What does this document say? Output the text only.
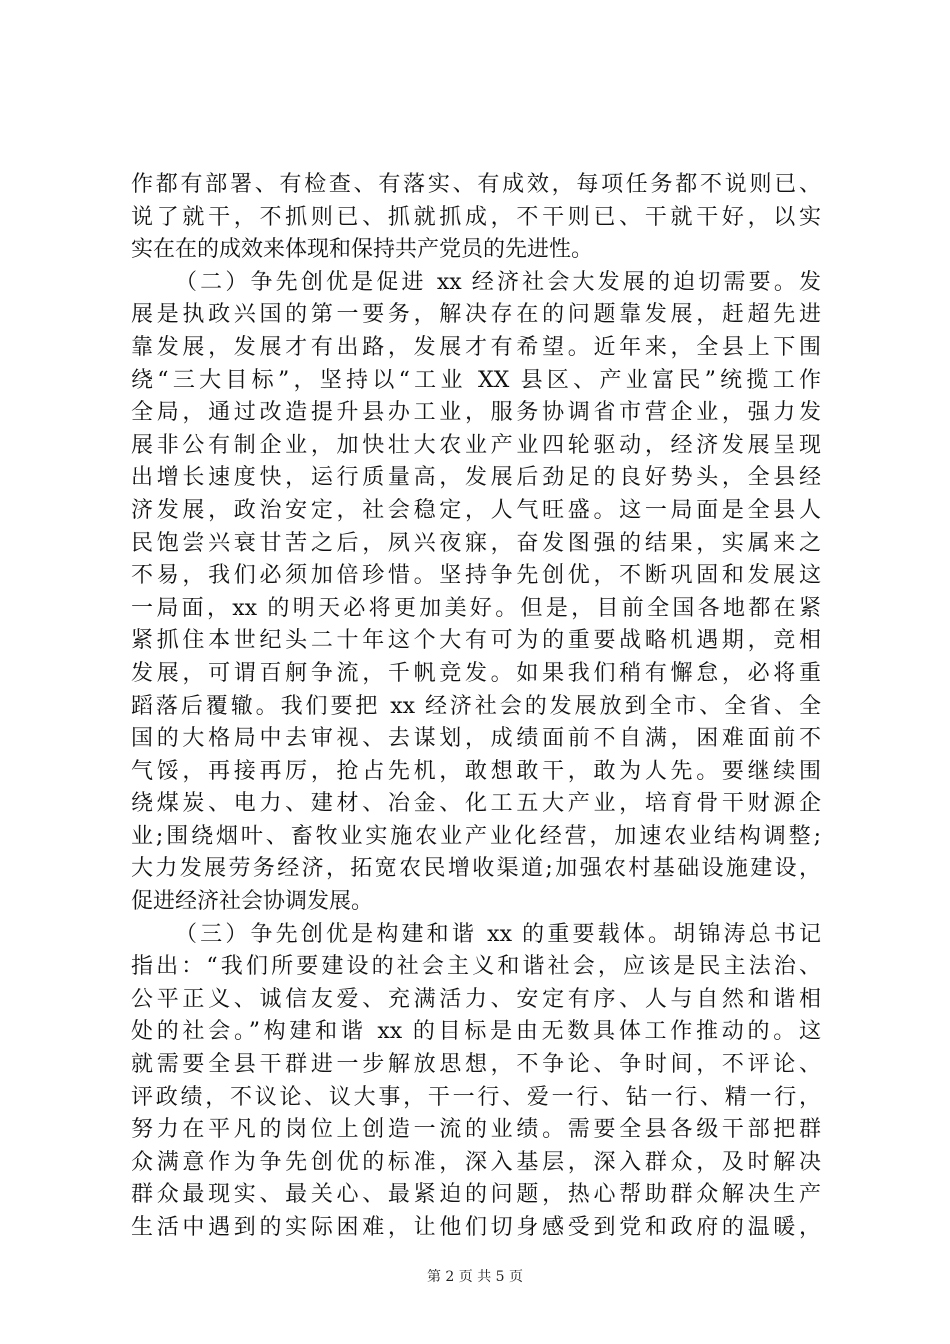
作都有部署、有检查、有落实、有成效，每项任务都不说则已、
说了就干，不抓则已、抓就抓成，不干则已、干就干好，以实
实在在的成效来体现和保持共产党员的先进性。
（二）争先创优是促进 xx 经济社会大发展的迫切需要。发
展是执政兴国的第一要务，解决存在的问题靠发展，赶超先进
靠发展，发展才有出路，发展才有希望。近年来，全县上下围
绕“三大目标”，坚持以“工业 XX 县区、产业富民”统揽工作
全局，通过改造提升县办工业，服务协调省市营企业，强力发
展非公有制企业，加快壮大农业产业四轮驱动，经济发展呈现
出增长速度快，运行质量高，发展后劲足的良好势头，全县经
济发展，政治安定，社会稳定，人气旺盛。这一局面是全县人
民饱尝兴衰甘苦之后，夙兴夜寐，奋发图强的结果，实属来之
不易，我们必须加倍珍惜。坚持争先创优，不断巩固和发展这
一局面，xx 的明天必将更加美好。但是，目前全国各地都在紧
紧抓住本世纪头二十年这个大有可为的重要战略机遇期，竞相
发展，可谓百舸争流，千帆竞发。如果我们稍有懈怠，必将重
蹈落后覆辙。我们要把 xx 经济社会的发展放到全市、全省、全
国的大格局中去审视、去谋划，成绩面前不自满，困难面前不
气馁，再接再厉，抢占先机，敢想敢干，敢为人先。要继续围
绕煤炭、电力、建材、冶金、化工五大产业，培育骨干财源企
业;围绕烟叶、畜牧业实施农业产业化经营，加速农业结构调整;
大力发展劳务经济，拓宽农民增收渠道;加强农村基础设施建设，
促进经济社会协调发展。
（三）争先创优是构建和谐 xx 的重要载体。胡锦涛总书记
指出：“我们所要建设的社会主义和谐社会，应该是民主法治、
公平正义、诚信友爱、充满活力、安定有序、人与自然和谐相
处的社会。”构建和谐 xx 的目标是由无数具体工作推动的。这
就需要全县干群进一步解放思想，不争论、争时间，不评论、
评政绩，不议论、议大事，干一行、爱一行、钻一行、精一行，
努力在平凡的岗位上创造一流的业绩。需要全县各级干部把群
众满意作为争先创优的标准，深入基层，深入群众，及时解决
群众最现实、最关心、最紧迫的问题，热心帮助群众解决生产
生活中遇到的实际困难，让他们切身感受到党和政府的温暖，
第 2 页 共 5 页
